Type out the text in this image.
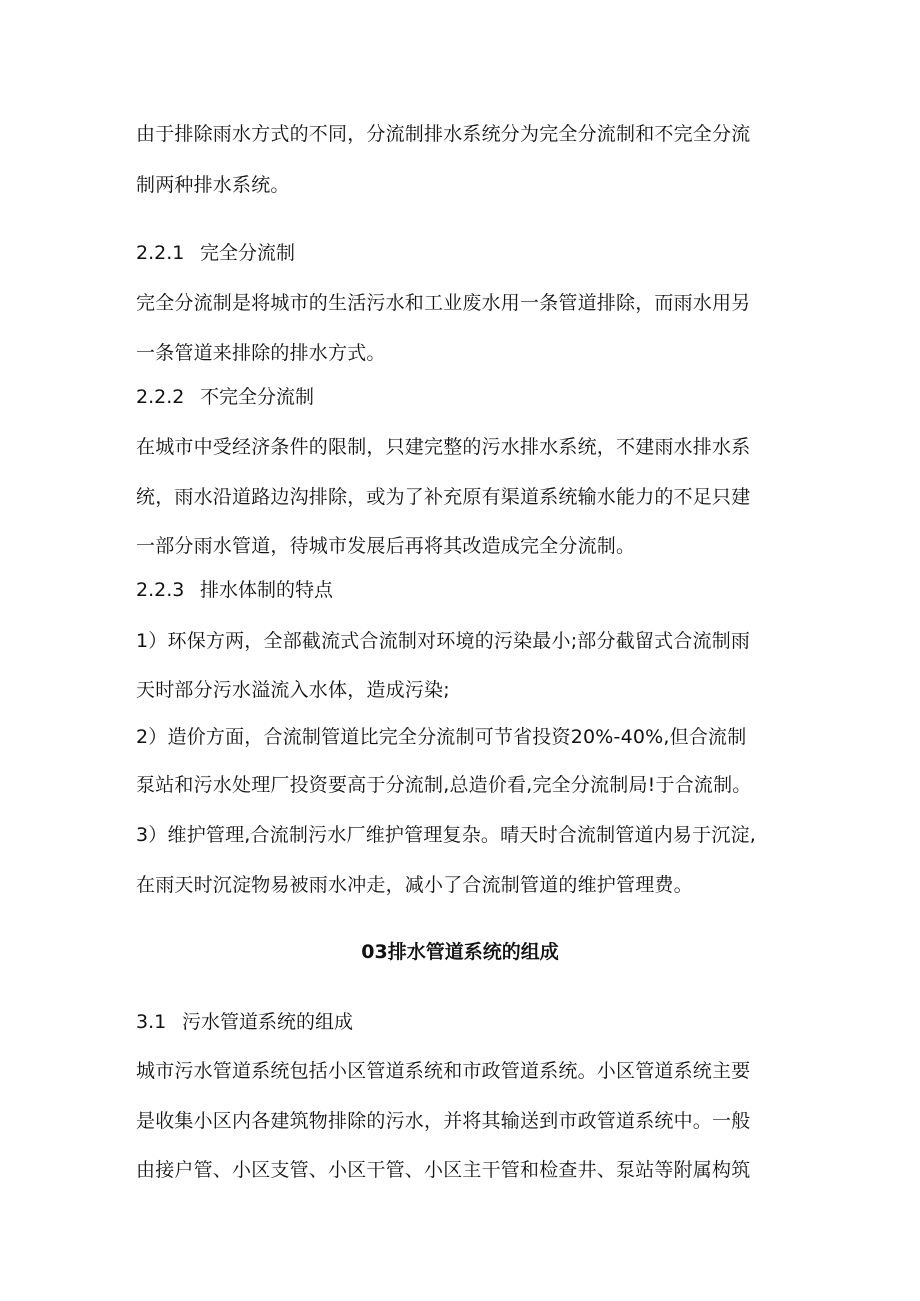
由于排除雨水方式的不同，分流制排水系统分为完全分流制和不完全分流
制两种排水系统。
2.2.1 完全分流制
完全分流制是将城市的生活污水和工业废水用一条管道排除，而雨水用另
一条管道来排除的排水方式。
2.2.2 不完全分流制
在城市中受经济条件的限制，只建完整的污水排水系统，不建雨水排水系
统，雨水沿道路边沟排除，或为了补充原有渠道系统输水能力的不足只建
一部分雨水管道，待城市发展后再将其改造成完全分流制。
2.2.3 排水体制的特点
1）环保方两，全部截流式合流制对环境的污染最小;部分截留式合流制雨
天时部分污水溢流入水体，造成污染;
2）造价方面，合流制管道比完全分流制可节省投资20%-40%,但合流制
泵站和污水处理厂投资要高于分流制,总造价看,完全分流制局!于合流制。
3）维护管理,合流制污水厂维护管理复杂。晴天时合流制管道内易于沉淀,
在雨天时沉淀物易被雨水冲走，减小了合流制管道的维护管理费。
03排水管道系统的组成
3.1 污水管道系统的组成
城市污水管道系统包括小区管道系统和市政管道系统。小区管道系统主要
是收集小区内各建筑物排除的污水，并将其输送到市政管道系统中。一般
由接户管、小区支管、小区干管、小区主干管和检查井、泵站等附属构筑
